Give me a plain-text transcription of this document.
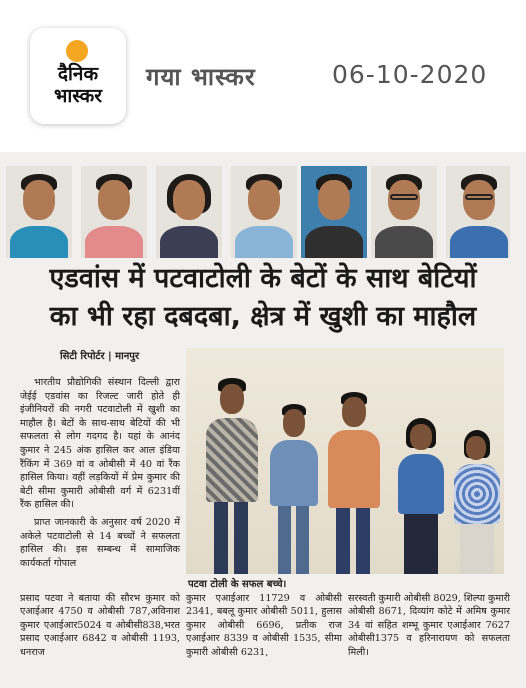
दैनिक
भास्कर
गया भास्कर	06-10-2020
एडवांस में पटवाटोली के बेटों के साथ बेटियों
का भी रहा दबदबा, क्षेत्र में खुशी का माहौल
सिटी रिपोर्टर | मानपुर

भारतीय प्रौद्योगिकी संस्थान दिल्ली द्वारा जेईई एडवांस का रिजल्ट जारी होते ही इंजीनियरों की नगरी पटवाटोली में खुशी का माहौल है। बेटों के साथ-साथ बेटियों की भी सफलता से लोग गदगद है। यहां के आनंद कुमार ने 245 अंक हासिल कर आल इंडिया रैंकिंग में 369 वां व ओबीसी में 40 वां रैंक हासिल किया। वहीं लड़कियों में प्रेम कुमार की बेटी सीमा कुमारी ओबीसी वर्ग में 6231वीं रैंक हासिल की।

प्राप्त जानकारी के अनुसार वर्ष 2020 में अकेले पटवाटोली से 14 बच्चों ने सफलता हासिल की। इस सम्बन्ध में सामाजिक कार्यकर्ता गोपाल

पटवा टोली के सफल बच्चे।
प्रसाद पटवा ने बताया की सौरभ कुमार को एआईआर 4750 व ओबीसी 787,अविनाश कुमार एआईआर5024 व ओबीसी838,भरत प्रसाद एआईआर 6842 व ओबीसी 1193, धनराज
कुमार एआईआर 11729 व ओबीसी 2341, बबलू कुमार ओबीसी 5011, हुलास कुमार ओबीसी 6696, प्रतीक राज एआईआर 8339 व ओबीसी 1535, सीमा कुमारी ओबीसी 6231,
सरस्वती कुमारी ओबीसी 8029, शिल्पा कुमारी ओबीसी 8671, दिव्यांग कोटे में अमिष कुमार 34 वां सहित शम्भू कुमार एआईआर 7627 ओबीसी1375 व हरिनारायण को सफलता मिली।
